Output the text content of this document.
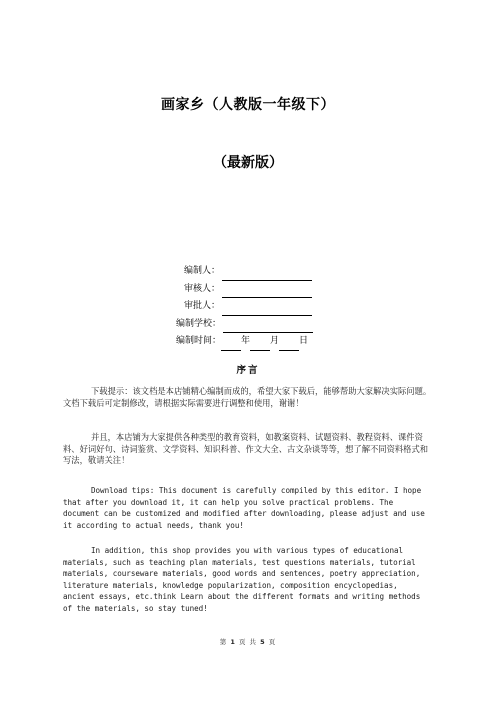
画家乡（人教版一年级下）
（最新版）
编制人：
审核人：
审批人：
编制学校：
编制时间： 年 月 日
序言
下载提示：该文档是本店铺精心编制而成的，希望大家下载后，能够帮助大家解决实际问题。文档下载后可定制修改，请根据实际需要进行调整和使用，谢谢！
并且，本店铺为大家提供各种类型的教育资料，如教案资料、试题资料、教程资料、课件资料、好词好句、诗词鉴赏、文学资料、知识科普、作文大全、古文杂谈等等，想了解不同资料格式和写法，敬请关注！
Download tips: This document is carefully compiled by this editor. I hope that after you download it, it can help you solve practical problems. The document can be customized and modified after downloading, please adjust and use it according to actual needs, thank you!
In addition, this shop provides you with various types of educational materials, such as teaching plan materials, test questions materials, tutorial materials, courseware materials, good words and sentences, poetry appreciation, literature materials, knowledge popularization, composition encyclopedias, ancient essays, etc.think Learn about the different formats and writing methods of the materials, so stay tuned!
第 1 页 共 5 页
